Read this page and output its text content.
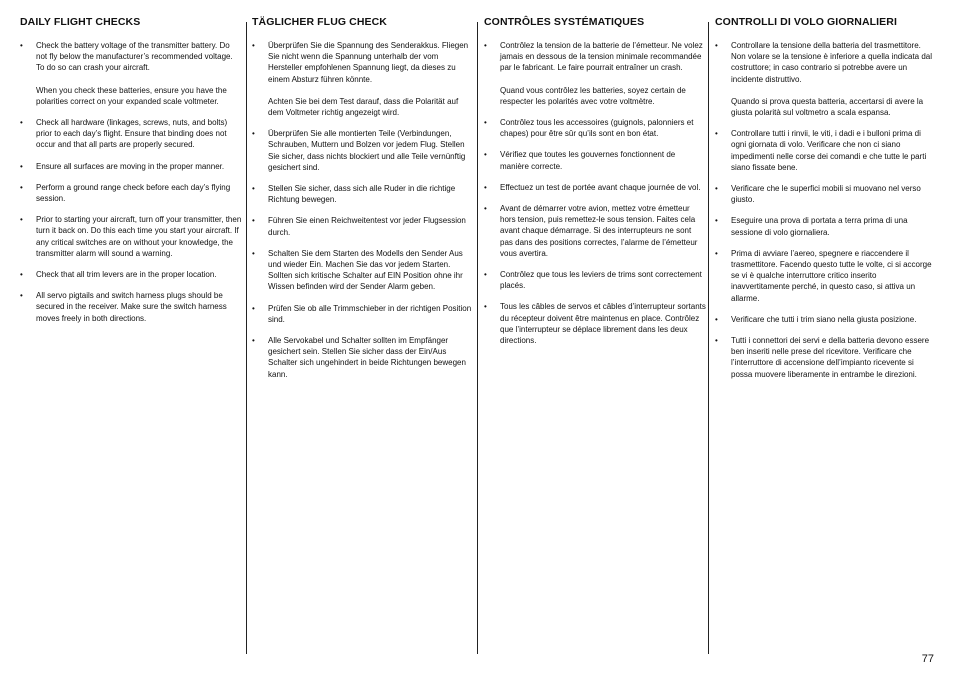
DAILY FLIGHT CHECKS
• Check the battery voltage of the transmitter battery. Do not fly below the manufacturer’s recommended voltage. To do so can crash your aircraft.
When you check these batteries, ensure you have the polarities correct on your expanded scale voltmeter.
• Check all hardware (linkages, screws, nuts, and bolts) prior to each day’s flight. Ensure that binding does not occur and that all parts are properly secured.
• Ensure all surfaces are moving in the proper manner.
• Perform a ground range check before each day’s flying session.
• Prior to starting your aircraft, turn off your transmitter, then turn it back on. Do this each time you start your aircraft. If any critical switches are on without your knowledge, the transmitter alarm will sound a warning.
• Check that all trim levers are in the proper location.
• All servo pigtails and switch harness plugs should be secured in the receiver. Make sure the switch harness moves freely in both directions.
TÄGLICHER FLUG CHECK
• Überprüfen Sie die Spannung des Senderakkus. Fliegen Sie nicht wenn die Spannung unterhalb der vom Hersteller empfohlenen Spannung liegt, da dieses zu einem Absturz führen könnte.
Achten Sie bei dem Test darauf, dass die Polarität auf dem Voltmeter richtig angezeigt wird.
• Überprüfen Sie alle montierten Teile (Verbindungen, Schrauben, Muttern und Bolzen vor jedem Flug. Stellen Sie sicher, dass nichts blockiert und alle Teile vernünftig gesichert sind.
• Stellen Sie sicher, dass sich alle Ruder in die richtige Richtung bewegen.
• Führen Sie einen Reichweitentest vor jeder Flugsession durch.
• Schalten Sie dem Starten des Modells den Sender Aus und wieder Ein. Machen Sie das vor jedem Starten. Sollten sich kritische Schalter auf EIN Position ohne ihr Wissen befinden wird der Sender Alarm geben.
• Prüfen Sie ob alle Trimmschieber in der richtigen Position sind.
• Alle Servokabel und Schalter sollten im Empfänger gesichert sein. Stellen Sie sicher dass der Ein/Aus Schalter sich ungehindert in beide Richtungen bewegen kann.
CONTRÔLES SYSTÉMATIQUES
• Contrôlez la tension de la batterie de l’émetteur. Ne volez jamais en dessous de la tension minimale recommandée par le fabricant. Le faire pourrait entraîner un crash.
Quand vous contrôlez les batteries, soyez certain de respecter les polarités avec votre voltmètre.
• Contrôlez tous les accessoires (guignols, palonniers et chapes) pour être sûr qu’ils sont en bon état.
• Vérifiez que toutes les gouvernes fonctionnent de manière correcte.
• Effectuez un test de portée avant chaque journée de vol.
• Avant de démarrer votre avion, mettez votre émetteur hors tension, puis remettez-le sous tension. Faites cela avant chaque démarrage. Si des interrupteurs ne sont pas dans des positions correctes, l’alarme de l’émetteur vous avertira.
• Contrôlez que tous les leviers de trims sont correctement placés.
• Tous les câbles de servos et câbles d’interrupteur sortants du récepteur doivent être maintenus en place. Contrôlez que l’interrupteur se déplace librement dans les deux directions.
CONTROLLI DI VOLO GIORNALIERI
• Controllare la tensione della batteria del trasmettitore. Non volare se la tensione è inferiore a quella indicata dal costruttore; in caso contrario si potrebbe avere un incidente distruttivo.
Quando si prova questa batteria, accertarsi di avere la giusta polarità sul voltmetro a scala espansa.
• Controllare tutti i rinvii, le viti, i dadi e i bulloni prima di ogni giornata di volo. Verificare che non ci siano impedimenti nelle corse dei comandi e che tutte le parti siano fissate bene.
• Verificare che le superfici mobili si muovano nel verso giusto.
• Eseguire una prova di portata a terra prima di una sessione di volo giornaliera.
• Prima di avviare l’aereo, spegnere e riaccendere il trasmettitore. Facendo questo tutte le volte, ci si accorge se vi è qualche interruttore critico inserito inavvertitamente perché, in questo caso, si attiva un allarme.
• Verificare che tutti i trim siano nella giusta posizione.
• Tutti i connettori dei servi e della batteria devono essere ben inseriti nelle prese del ricevitore. Verificare che l’interruttore di accensione dell’impianto ricevente si possa muovere liberamente in entrambe le direzioni.
77
